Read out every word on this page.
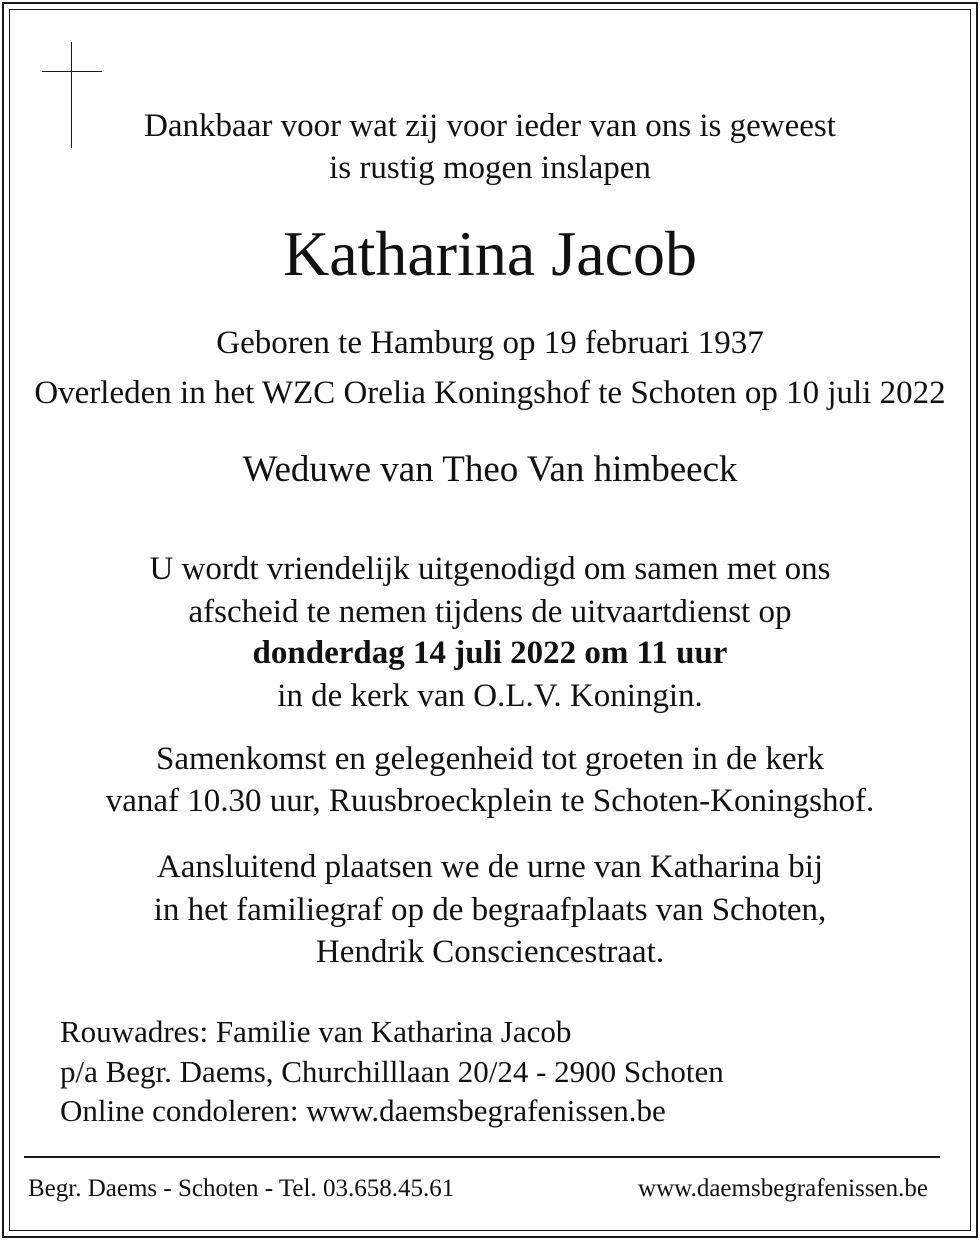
Dankbaar voor wat zij voor ieder van ons is geweest
is rustig mogen inslapen
Katharina Jacob
Geboren te Hamburg op 19 februari 1937
Overleden in het WZC Orelia Koningshof te Schoten op 10 juli 2022
Weduwe van Theo Van himbeeck
U wordt vriendelijk uitgenodigd om samen met ons
afscheid te nemen tijdens de uitvaartdienst op
donderdag 14 juli 2022 om 11 uur
in de kerk van O.L.V. Koningin.
Samenkomst en gelegenheid tot groeten in de kerk
vanaf 10.30 uur, Ruusbroeckplein te Schoten-Koningshof.
Aansluitend plaatsen we de urne van Katharina bij
in het familiegraf op de begraafplaats van Schoten,
Hendrik Consciencestraat.
Rouwadres: Familie van Katharina Jacob
p/a Begr. Daems, Churchilllaan 20/24 - 2900 Schoten
Online condoleren: www.daemsbegrafenissen.be
Begr. Daems - Schoten - Tel. 03.658.45.61	www.daemsbegrafenissen.be
